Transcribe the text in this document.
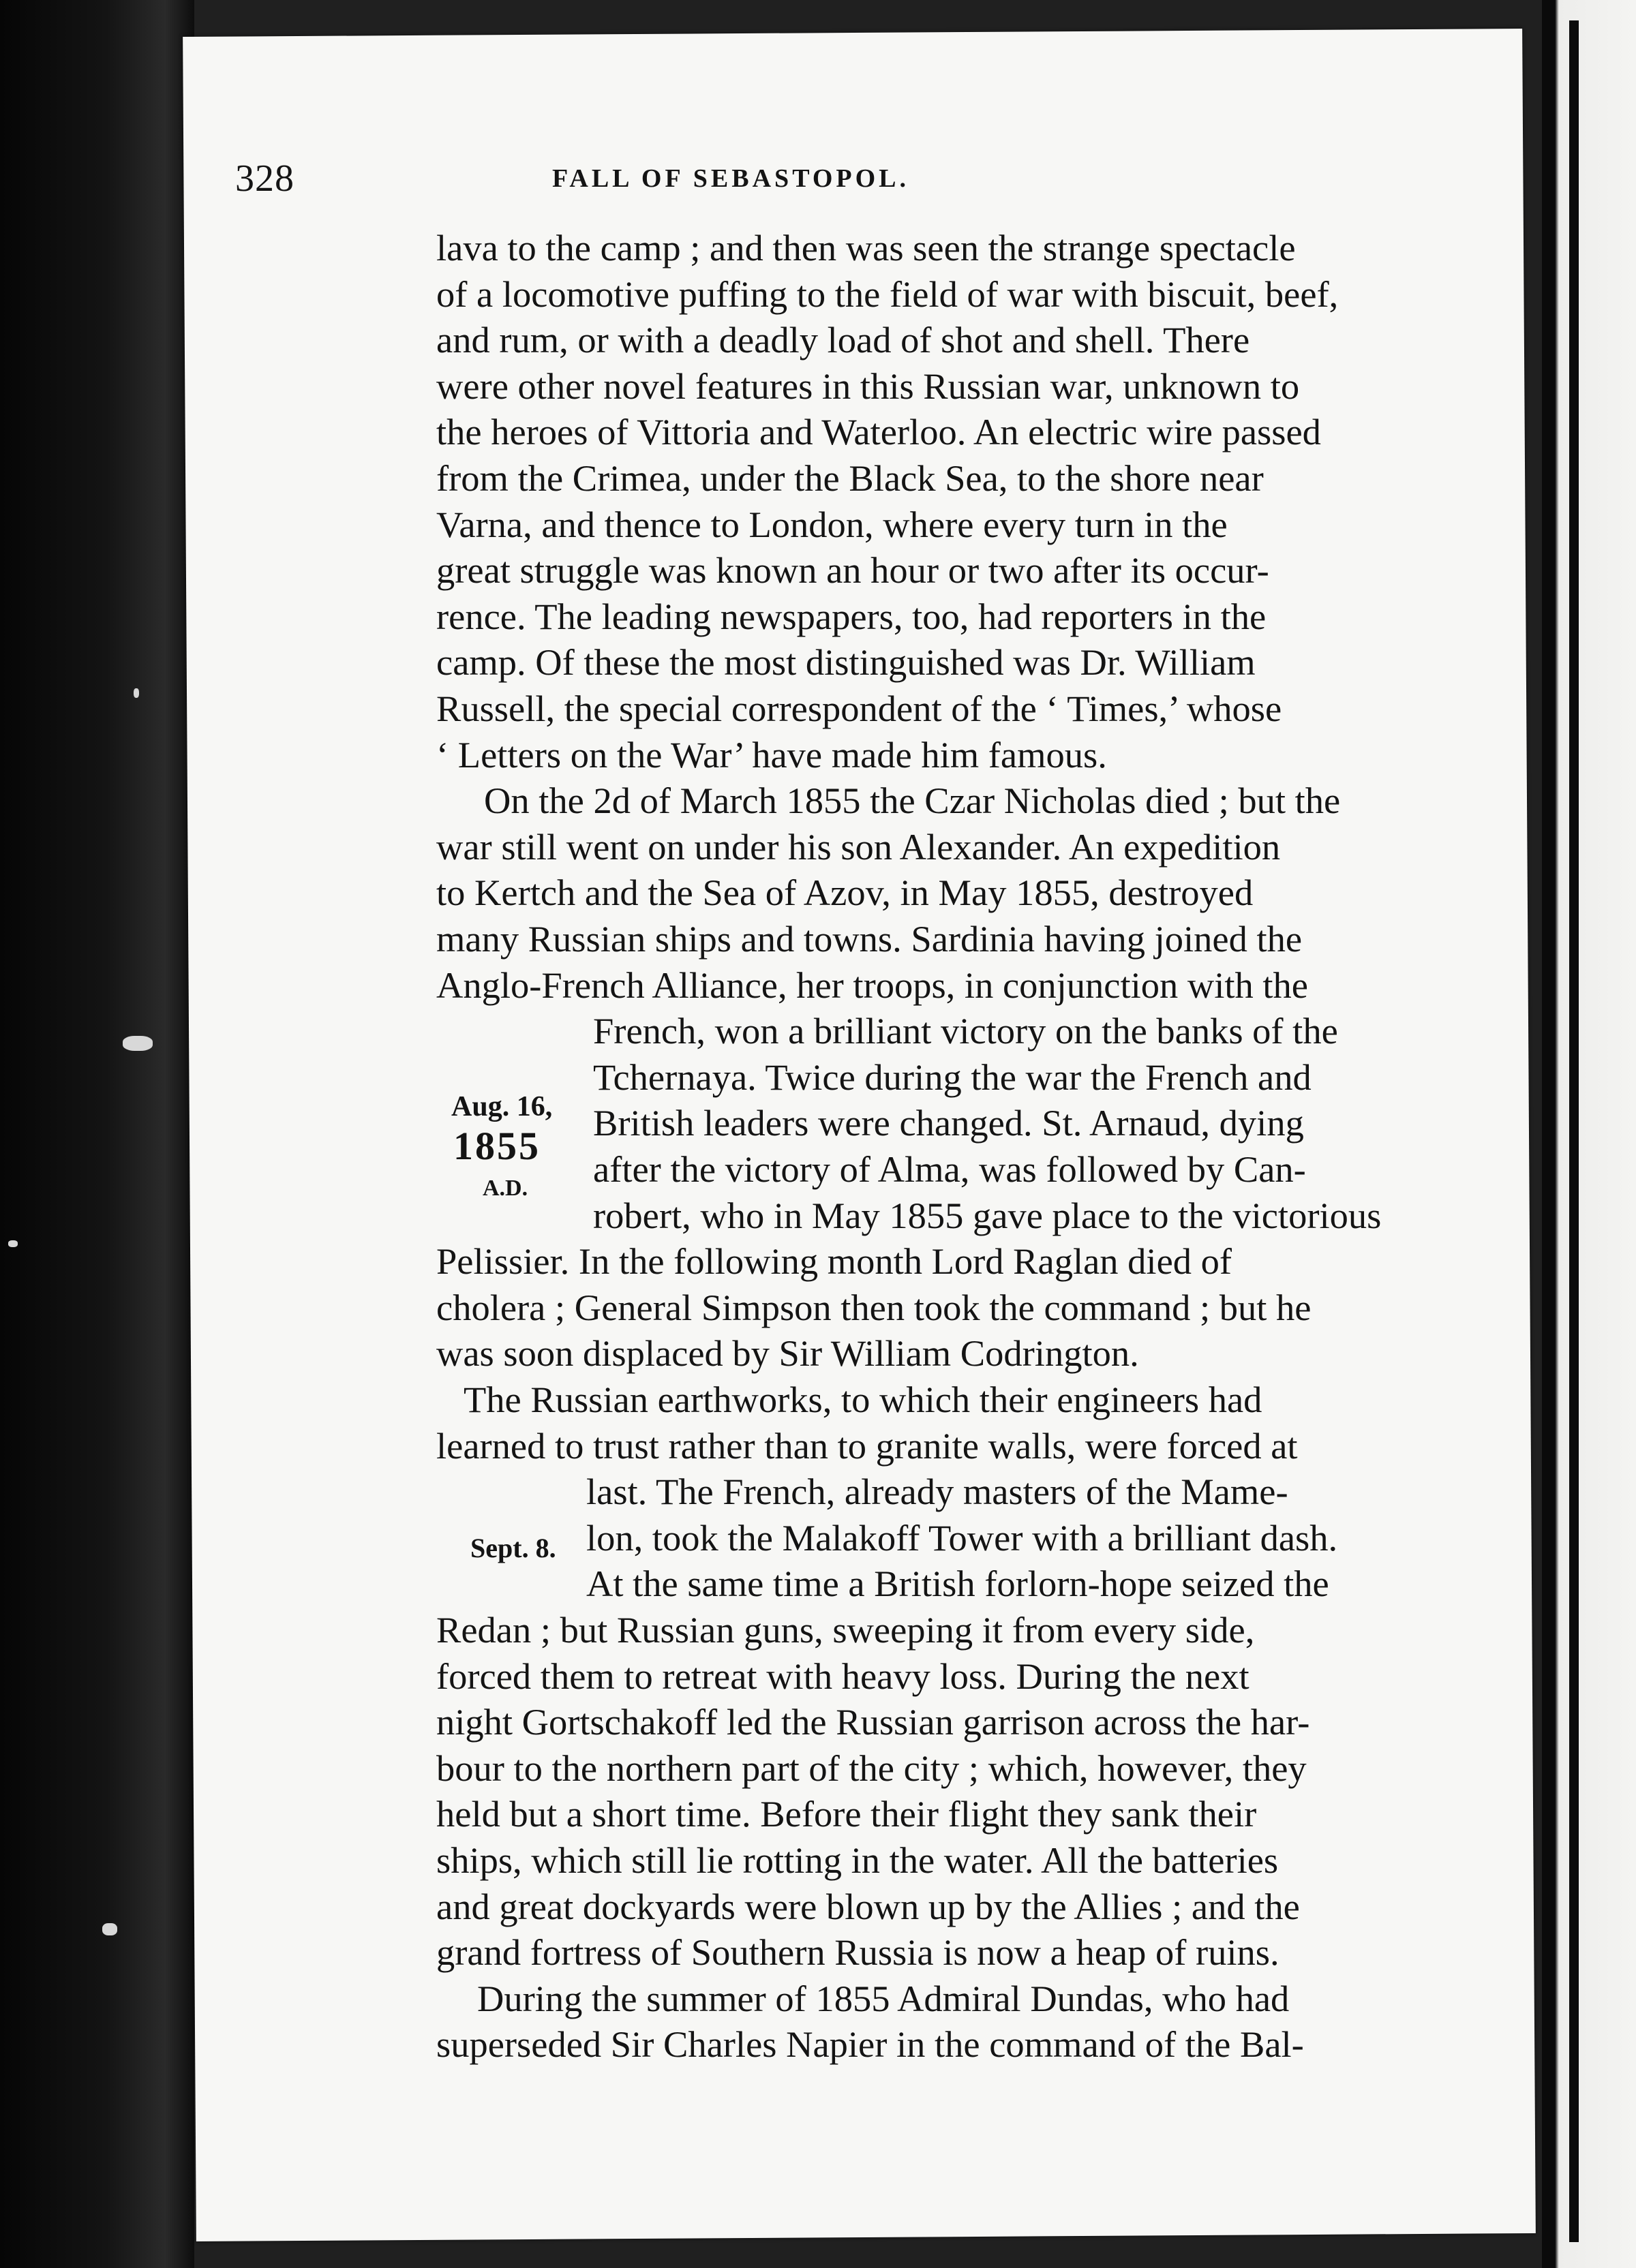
328	FALL OF SEBASTOPOL.
Aug. 16,
1855
A.D.
Sept. 8.
lava to the camp ; and then was seen the strange spectacle
of a locomotive puffing to the field of war with biscuit, beef,
and rum, or with a deadly load of shot and shell. There
were other novel features in this Russian war, unknown to
the heroes of Vittoria and Waterloo. An electric wire passed
from the Crimea, under the Black Sea, to the shore near
Varna, and thence to London, where every turn in the
great struggle was known an hour or two after its occur-
rence. The leading newspapers, too, had reporters in the
camp. Of these the most distinguished was Dr. William
Russell, the special correspondent of the ‘ Times,’ whose
‘ Letters on the War’ have made him famous.
On the 2d of March 1855 the Czar Nicholas died ; but the
war still went on under his son Alexander. An expedition
to Kertch and the Sea of Azov, in May 1855, destroyed
many Russian ships and towns. Sardinia having joined the
Anglo-French Alliance, her troops, in conjunction with the
French, won a brilliant victory on the banks of the
Tchernaya. Twice during the war the French and
British leaders were changed. St. Arnaud, dying
after the victory of Alma, was followed by Can-
robert, who in May 1855 gave place to the victorious
Pelissier. In the following month Lord Raglan died of
cholera ; General Simpson then took the command ; but he
was soon displaced by Sir William Codrington.
The Russian earthworks, to which their engineers had
learned to trust rather than to granite walls, were forced at
last. The French, already masters of the Mame-
lon, took the Malakoff Tower with a brilliant dash.
At the same time a British forlorn-hope seized the
Redan ; but Russian guns, sweeping it from every side,
forced them to retreat with heavy loss. During the next
night Gortschakoff led the Russian garrison across the har-
bour to the northern part of the city ; which, however, they
held but a short time. Before their flight they sank their
ships, which still lie rotting in the water. All the batteries
and great dockyards were blown up by the Allies ; and the
grand fortress of Southern Russia is now a heap of ruins.
During the summer of 1855 Admiral Dundas, who had
superseded Sir Charles Napier in the command of the Bal-
